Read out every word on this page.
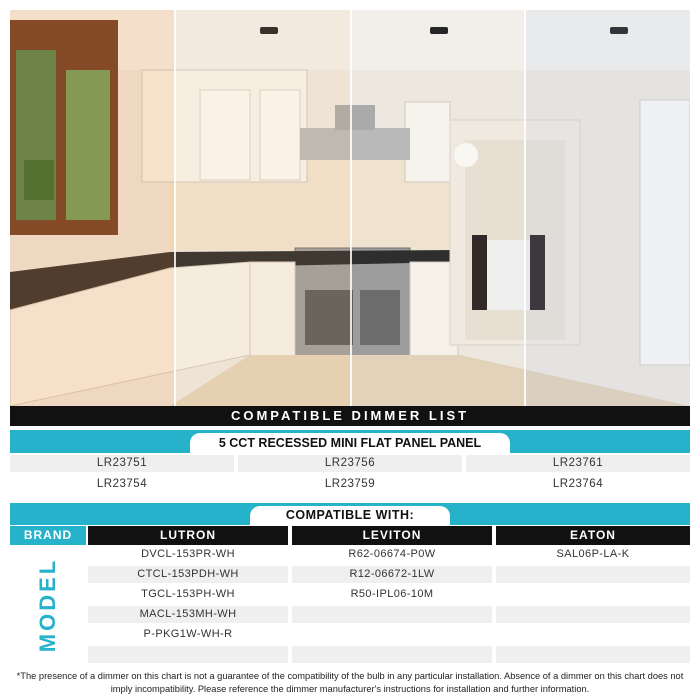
COMPATIBLE DIMMER LIST
5 CCT RECESSED MINI FLAT PANEL PANEL
LR23751	LR23756	LR23761
LR23754	LR23759	LR23764
COMPATIBLE WITH:
BRAND	LUTRON	LEVITON	EATON
MODEL
DVCL-153PR-WH	R62-06674-P0W	SAL06P-LA-K
CTCL-153PDH-WH	R12-06672-1LW
TGCL-153PH-WH	R50-IPL06-10M
MACL-153MH-WH
P-PKG1W-WH-R
*The presence of a dimmer on this chart is not a guarantee of the compatibility of the bulb in any particular installation. Absence of a dimmer on this chart does not imply incompatibility. Please reference the dimmer manufacturer's instructions for installation and further information.
